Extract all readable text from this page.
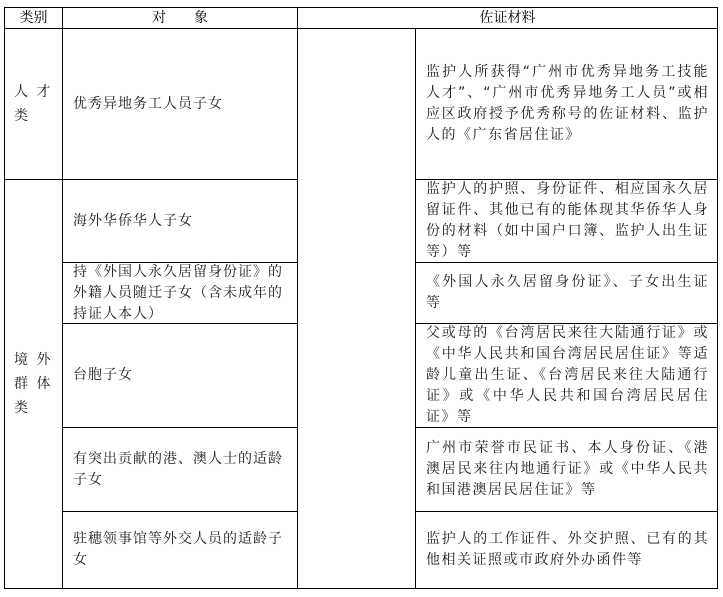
类别	对　　象	佐证材料
人 才
类
境 外
群 体
类
优秀异地务工人员子女
海外华侨华人子女
持《外国人永久居留身份证》的外籍人员随迁子女（含未成年的持证人本人）
台胞子女
有突出贡献的港、澳人士的适龄子女
驻穗领事馆等外交人员的适龄子女
监护人所获得“广州市优秀异地务工技能人才”、“广州市优秀异地务工人员”或相应区政府授予优秀称号的佐证材料、监护人的《广东省居住证》
监护人的护照、身份证件、相应国永久居留证件、其他已有的能体现其华侨华人身份的材料（如中国户口簿、监护人出生证等）等
《外国人永久居留身份证》、子女出生证等
父或母的《台湾居民来往大陆通行证》或《中华人民共和国台湾居民居住证》等适龄儿童出生证、《台湾居民来往大陆通行证》或《中华人民共和国台湾居民居住证》等
广州市荣誉市民证书、本人身份证、《港澳居民来往内地通行证》或《中华人民共和国港澳居民居住证》等
监护人的工作证件、外交护照、已有的其他相关证照或市政府外办函件等
